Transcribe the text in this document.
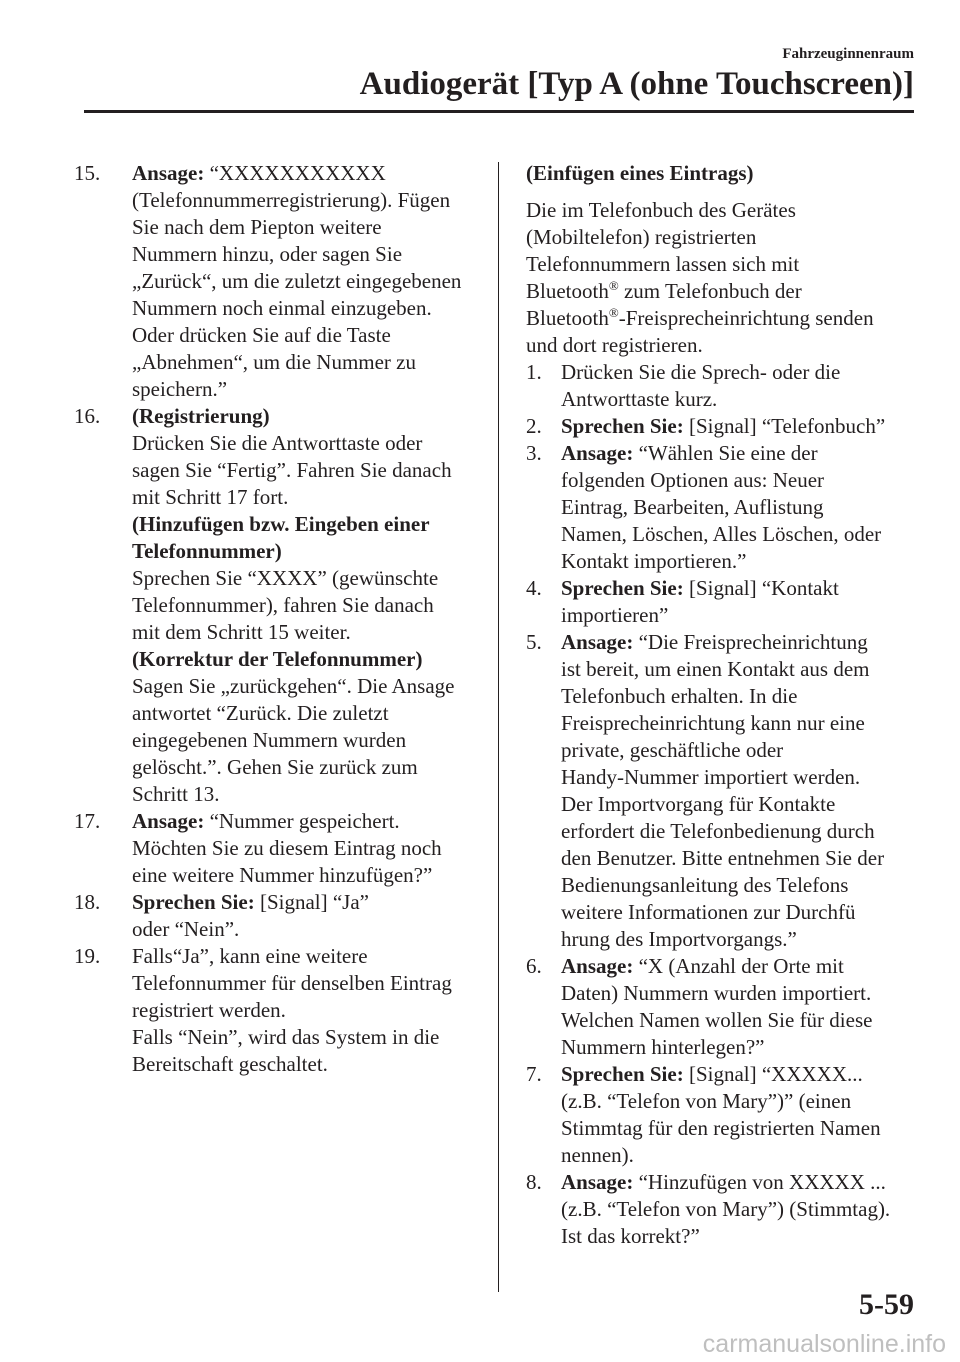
Fahrzeuginnenraum
Audiogerät [Typ A (ohne Touchscreen)]
15.	Ansage: “XXXXXXXXXXX
(Telefonnummerregistrierung). Fügen
Sie nach dem Piepton weitere
Nummern hinzu, oder sagen Sie
„Zurück“, um die zuletzt eingegebenen
Nummern noch einmal einzugeben.
Oder drücken Sie auf die Taste
„Abnehmen“, um die Nummer zu
speichern.”
16.	(Registrierung)
Drücken Sie die Antworttaste oder
sagen Sie “Fertig”. Fahren Sie danach
mit Schritt 17 fort.
(Hinzufügen bzw. Eingeben einer
Telefonnummer)
Sprechen Sie “XXXX” (gewünschte
Telefonnummer), fahren Sie danach
mit dem Schritt 15 weiter.
(Korrektur der Telefonnummer)
Sagen Sie „zurückgehen“. Die Ansage
antwortet “Zurück. Die zuletzt
eingegebenen Nummern wurden
gelöscht.”. Gehen Sie zurück zum
Schritt 13.
17.	Ansage: “Nummer gespeichert.
Möchten Sie zu diesem Eintrag noch
eine weitere Nummer hinzufügen?”
18.	Sprechen Sie: [Signal] “Ja”
oder “Nein”.
19.	Falls“Ja”, kann eine weitere
Telefonnummer für denselben Eintrag
registriert werden.
Falls “Nein”, wird das System in die
Bereitschaft geschaltet.
(Einfügen eines Eintrags)
Die im Telefonbuch des Gerätes
(Mobiltelefon) registrierten
Telefonnummern lassen sich mit
Bluetooth® zum Telefonbuch der
Bluetooth®-Freisprecheinrichtung senden
und dort registrieren.
1. Drücken Sie die Sprech- oder die
Antworttaste kurz.
2. Sprechen Sie: [Signal] “Telefonbuch”
3. Ansage: “Wählen Sie eine der
folgenden Optionen aus: Neuer
Eintrag, Bearbeiten, Auflistung
Namen, Löschen, Alles Löschen, oder
Kontakt importieren.”
4. Sprechen Sie: [Signal] “Kontakt
importieren”
5. Ansage: “Die Freisprecheinrichtung
ist bereit, um einen Kontakt aus dem
Telefonbuch erhalten. In die
Freisprecheinrichtung kann nur eine
private, geschäftliche oder
Handy-Nummer importiert werden.
Der Importvorgang für Kontakte
erfordert die Telefonbedienung durch
den Benutzer. Bitte entnehmen Sie der
Bedienungsanleitung des Telefons
weitere Informationen zur Durchfü
hrung des Importvorgangs.”
6. Ansage: “X (Anzahl der Orte mit
Daten) Nummern wurden importiert.
Welchen Namen wollen Sie für diese
Nummern hinterlegen?”
7. Sprechen Sie: [Signal] “XXXXX...
(z.B. “Telefon von Mary”)” (einen
Stimmtag für den registrierten Namen
nennen).
8. Ansage: “Hinzufügen von XXXXX ...
(z.B. “Telefon von Mary”) (Stimmtag).
Ist das korrekt?”
5-59
carmanualsonline.info
